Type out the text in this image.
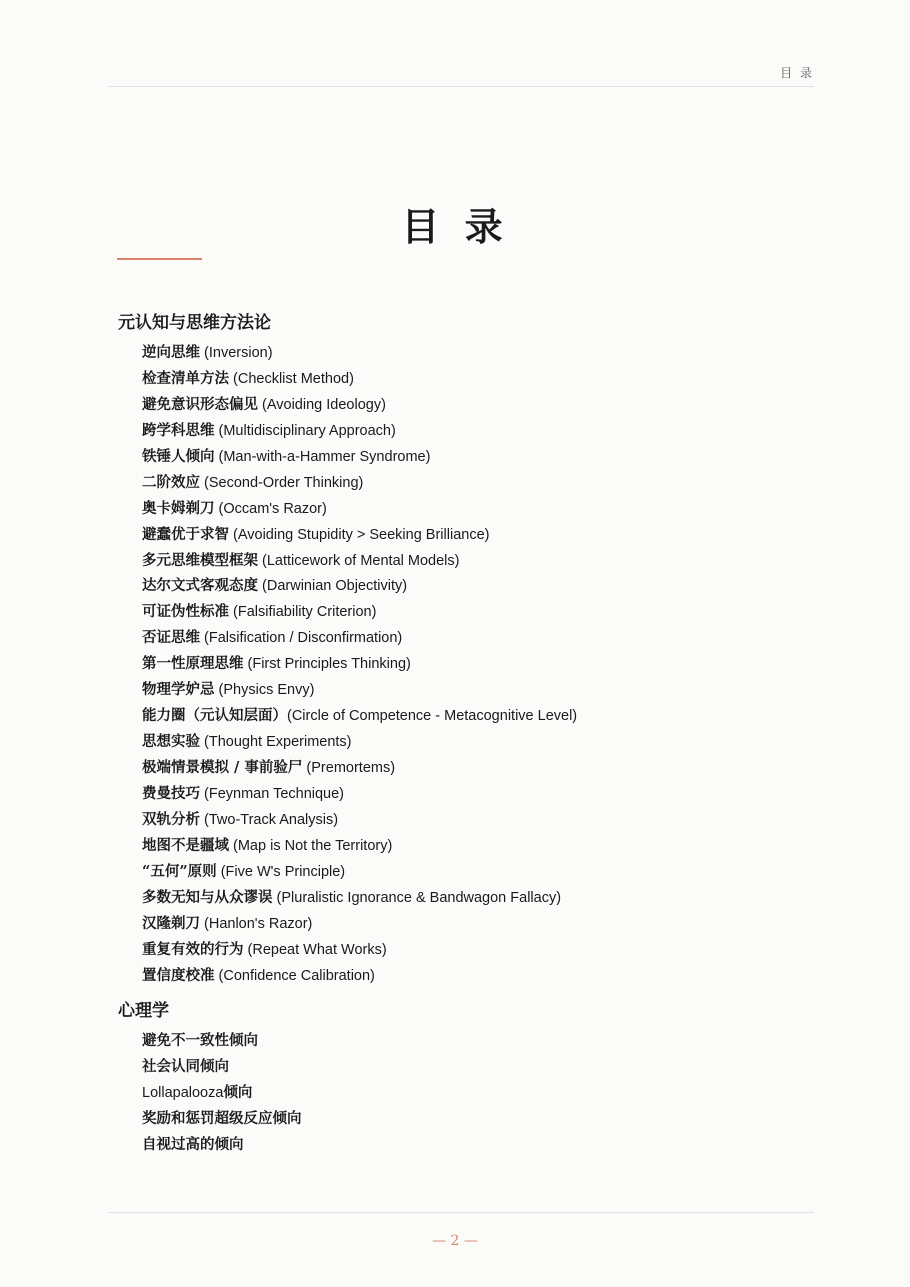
目 录
目 录
元认知与思维方法论
逆向思维 (Inversion)
检查清单方法 (Checklist Method)
避免意识形态偏见 (Avoiding Ideology)
跨学科思维 (Multidisciplinary Approach)
铁锤人倾向 (Man-with-a-Hammer Syndrome)
二阶效应 (Second-Order Thinking)
奥卡姆剃刀 (Occam's Razor)
避蠢优于求智 (Avoiding Stupidity > Seeking Brilliance)
多元思维模型框架 (Latticework of Mental Models)
达尔文式客观态度 (Darwinian Objectivity)
可证伪性标准 (Falsifiability Criterion)
否证思维 (Falsification / Disconfirmation)
第一性原理思维 (First Principles Thinking)
物理学妒忌 (Physics Envy)
能力圈（元认知层面）(Circle of Competence - Metacognitive Level)
思想实验 (Thought Experiments)
极端情景模拟 / 事前验尸 (Premortems)
费曼技巧 (Feynman Technique)
双轨分析 (Two-Track Analysis)
地图不是疆域 (Map is Not the Territory)
“五何”原则 (Five W's Principle)
多数无知与从众谬误 (Pluralistic Ignorance & Bandwagon Fallacy)
汉隆剃刀 (Hanlon's Razor)
重复有效的行为 (Repeat What Works)
置信度校准 (Confidence Calibration)
心理学
避免不一致性倾向
社会认同倾向
Lollapalooza倾向
奖励和惩罚超级反应倾向
自视过高的倾向
— 2 —
